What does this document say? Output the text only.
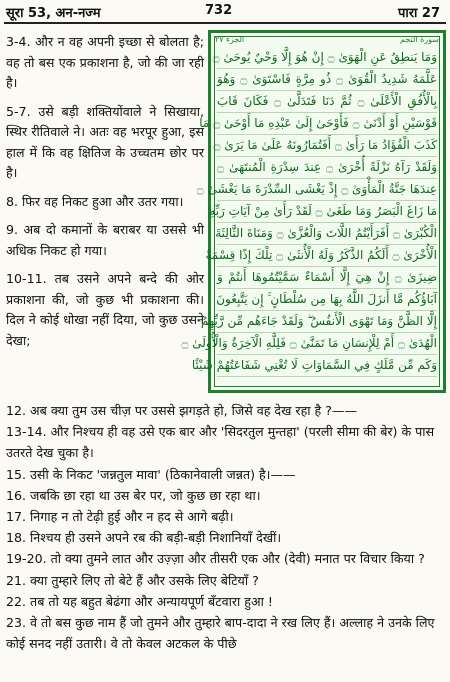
सूरा 53, अन-नज्म	732	पारा 27

3-4. और न वह अपनी इच्छा से बोलता है; वह तो बस एक प्रकाशना है, जो की जा रही है।

5-7. उसे बड़ी शक्तियोंवाले ने सिखाया, स्थिर रीतिवाले ने। अतः वह भरपूर हुआ, इस हाल में कि वह क्षितिज के उच्चतम छोर पर है।

8. फिर वह निकट हुआ और उतर गया।

9. अब दो कमानों के बराबर या उससे भी अधिक निकट हो गया।

10-11. तब उसने अपने बन्दे की ओर प्रकाशना की, जो कुछ भी प्रकाशना की। दिल ने कोई धोखा नहीं दिया, जो कुछ उसने देखा;

الجزء ٢٧	سورة النجم
وَمَا يَنطِقُ عَنِ الْهَوَىٰ ۝ إِنْ هُوَ إِلَّا وَحْيٌ يُوحَىٰ ۝
عَلَّمَهُ شَدِيدُ الْقُوَىٰ ۝ ذُو مِرَّةٍ فَاسْتَوَىٰ ۝ وَهُوَ
بِالْأُفُقِ الْأَعْلَىٰ ۝ ثُمَّ دَنَا فَتَدَلَّىٰ ۝ فَكَانَ قَابَ
قَوْسَيْنِ أَوْ أَدْنَىٰ ۝ فَأَوْحَىٰ إِلَىٰ عَبْدِهِ مَا أَوْحَىٰ ۝ مَا
كَذَبَ الْفُؤَادُ مَا رَأَىٰ ۝ أَفَتُمَارُونَهُ عَلَىٰ مَا يَرَىٰ ۝
وَلَقَدْ رَآهُ نَزْلَةً أُخْرَىٰ ۝ عِندَ سِدْرَةِ الْمُنتَهَىٰ ۝
عِندَهَا جَنَّةُ الْمَأْوَىٰ ۝ إِذْ يَغْشَى السِّدْرَةَ مَا يَغْشَىٰ ۝
مَا زَاغَ الْبَصَرُ وَمَا طَغَىٰ ۝ لَقَدْ رَأَىٰ مِنْ آيَاتِ رَبِّهِ
الْكُبْرَىٰ ۝ أَفَرَأَيْتُمُ اللَّاتَ وَالْعُزَّىٰ ۝ وَمَنَاةَ الثَّالِثَةَ
الْأُخْرَىٰ ۝ أَلَكُمُ الذَّكَرُ وَلَهُ الْأُنثَىٰ ۝ تِلْكَ إِذًا قِسْمَةٌ
ضِيزَىٰ ۝ إِنْ هِيَ إِلَّا أَسْمَاءٌ سَمَّيْتُمُوهَا أَنتُمْ وَ
آبَاؤُكُم مَّا أَنزَلَ اللَّهُ بِهَا مِن سُلْطَانٍ ۚ إِن يَتَّبِعُونَ
إِلَّا الظَّنَّ وَمَا تَهْوَى الْأَنفُسُ ۖ وَلَقَدْ جَاءَهُم مِّن رَّبِّهِمُ
الْهُدَىٰ ۝ أَمْ لِلْإِنسَانِ مَا تَمَنَّىٰ ۝ فَلِلَّهِ الْآخِرَةُ وَالْأُولَىٰ ۝
وَكَم مِّن مَّلَكٍ فِي السَّمَاوَاتِ لَا تُغْنِي شَفَاعَتُهُمْ شَيْئًا

12. अब क्या तुम उस चीज़ पर उससे झगड़ते हो, जिसे वह देख रहा है ?——

13-14. और निश्चय ही वह उसे एक बार और 'सिदरतुल मुन्तहा' (परली सीमा की बेर) के पास उतरते देख चुका है।

15. उसी के निकट 'जन्नतुल मावा' (ठिकानेवाली जन्नत) है।——

16. जबकि छा रहा था उस बेर पर, जो कुछ छा रहा था।

17. निगाह न तो टेढ़ी हुई और न हद से आगे बढ़ी।

18. निश्चय ही उसने अपने रब की बड़ी-बड़ी निशानियाँ देखीं।

19-20. तो क्या तुमने लात और उज़्ज़ा और तीसरी एक और (देवी) मनात पर विचार किया ?

21. क्या तुम्हारे लिए तो बेटे हैं और उसके लिए बेटियाँ ?

22. तब तो यह बहुत बेढंगा और अन्यायपूर्ण बँटवारा हुआ !

23. वे तो बस कुछ नाम हैं जो तुमने और तुम्हारे बाप-दादा ने रख लिए हैं। अल्लाह ने उनके लिए कोई सनद नहीं उतारी। वे तो केवल अटकल के पीछे
